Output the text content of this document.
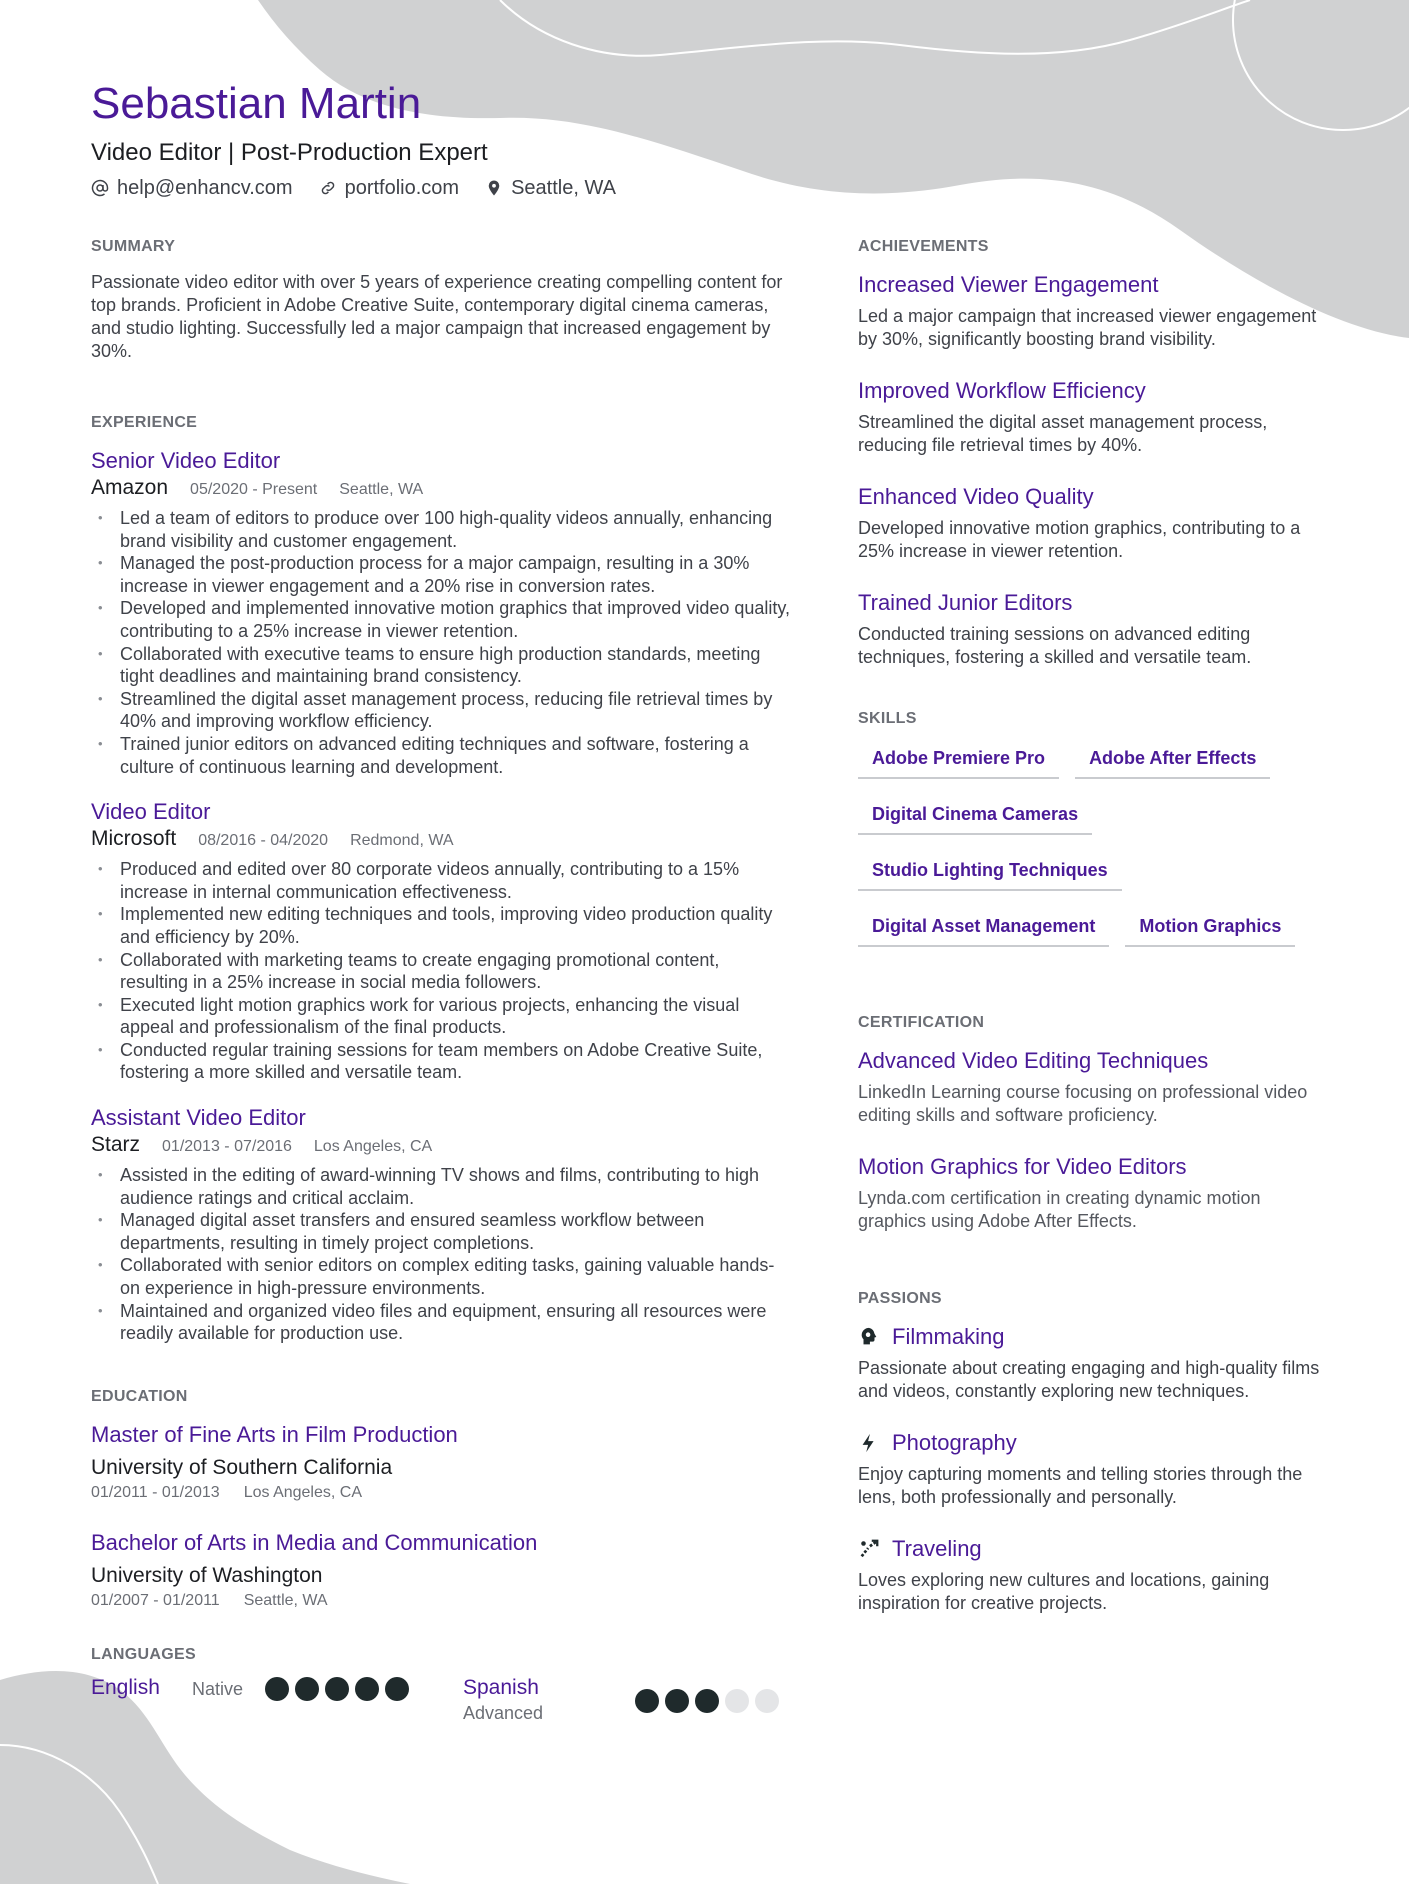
Sebastian Martin
Video Editor | Post-Production Expert
help@enhancv.com	portfolio.com	Seattle, WA
SUMMARY

Passionate video editor with over 5 years of experience creating compelling content for top brands. Proficient in Adobe Creative Suite, contemporary digital cinema cameras, and studio lighting. Successfully led a major campaign that increased engagement by 30%.

EXPERIENCE
Senior Video Editor
Amazon 05/2020 - Present Seattle, WA
• Led a team of editors to produce over 100 high-quality videos annually, enhancing brand visibility and customer engagement.
• Managed the post-production process for a major campaign, resulting in a 30% increase in viewer engagement and a 20% rise in conversion rates.
• Developed and implemented innovative motion graphics that improved video quality, contributing to a 25% increase in viewer retention.
• Collaborated with executive teams to ensure high production standards, meeting tight deadlines and maintaining brand consistency.
• Streamlined the digital asset management process, reducing file retrieval times by 40% and improving workflow efficiency.
• Trained junior editors on advanced editing techniques and software, fostering a culture of continuous learning and development.
Video Editor
Microsoft 08/2016 - 04/2020 Redmond, WA
• Produced and edited over 80 corporate videos annually, contributing to a 15% increase in internal communication effectiveness.
• Implemented new editing techniques and tools, improving video production quality and efficiency by 20%.
• Collaborated with marketing teams to create engaging promotional content, resulting in a 25% increase in social media followers.
• Executed light motion graphics work for various projects, enhancing the visual appeal and professionalism of the final products.
• Conducted regular training sessions for team members on Adobe Creative Suite, fostering a more skilled and versatile team.
Assistant Video Editor
Starz 01/2013 - 07/2016 Los Angeles, CA
• Assisted in the editing of award-winning TV shows and films, contributing to high audience ratings and critical acclaim.
• Managed digital asset transfers and ensured seamless workflow between departments, resulting in timely project completions.
• Collaborated with senior editors on complex editing tasks, gaining valuable hands-on experience in high-pressure environments.
• Maintained and organized video files and equipment, ensuring all resources were readily available for production use.
EDUCATION
Master of Fine Arts in Film Production
University of Southern California
01/2011 - 01/2013 Los Angeles, CA
Bachelor of Arts in Media and Communication
University of Washington
01/2007 - 01/2011 Seattle, WA
LANGUAGES
English	Native	Spanish
Advanced
ACHIEVEMENTS
Increased Viewer Engagement

Led a major campaign that increased viewer engagement by 30%, significantly boosting brand visibility.

Improved Workflow Efficiency

Streamlined the digital asset management process, reducing file retrieval times by 40%.

Enhanced Video Quality

Developed innovative motion graphics, contributing to a 25% increase in viewer retention.

Trained Junior Editors

Conducted training sessions on advanced editing techniques, fostering a skilled and versatile team.

SKILLS
Adobe Premiere Pro	Adobe After Effects
Digital Cinema Cameras
Studio Lighting Techniques
Digital Asset Management	Motion Graphics
CERTIFICATION
Advanced Video Editing Techniques

LinkedIn Learning course focusing on professional video editing skills and software proficiency.

Motion Graphics for Video Editors

Lynda.com certification in creating dynamic motion graphics using Adobe After Effects.

PASSIONS
Filmmaking

Passionate about creating engaging and high-quality films and videos, constantly exploring new techniques.

Photography

Enjoy capturing moments and telling stories through the lens, both professionally and personally.

Traveling

Loves exploring new cultures and locations, gaining inspiration for creative projects.
